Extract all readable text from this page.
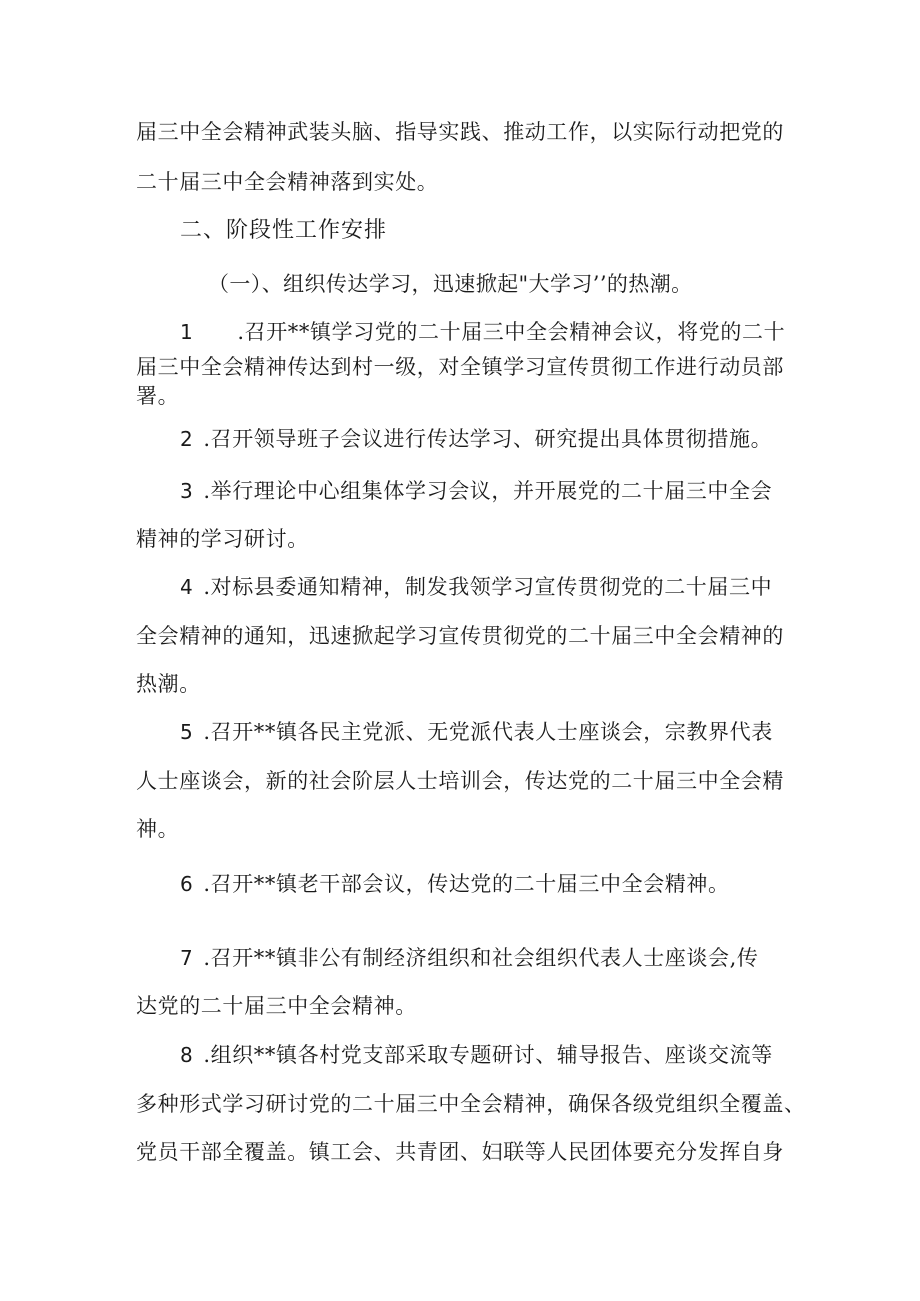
届三中全会精神武装头脑、指导实践、推动工作，以实际行动把党的
二十届三中全会精神落到实处。
二、阶段性工作安排
（一）、组织传达学习，迅速掀起"大学习’’的热潮。
1 .召开**镇学习党的二十届三中全会精神会议，将党的二十
届三中全会精神传达到村一级，对全镇学习宣传贯彻工作进行动员部
署。
2 .召开领导班子会议进行传达学习、研究提出具体贯彻措施。
3 .举行理论中心组集体学习会议，并开展党的二十届三中全会
精神的学习研讨。
4 .对标县委通知精神，制发我领学习宣传贯彻党的二十届三中
全会精神的通知，迅速掀起学习宣传贯彻党的二十届三中全会精神的
热潮。
5 .召开**镇各民主党派、无党派代表人士座谈会，宗教界代表
人士座谈会，新的社会阶层人士培训会，传达党的二十届三中全会精
神。
6 .召开**镇老干部会议，传达党的二十届三中全会精神。
7 .召开**镇非公有制经济组织和社会组织代表人士座谈会,传
达党的二十届三中全会精神。
8 .组织**镇各村党支部采取专题研讨、辅导报告、座谈交流等
多种形式学习研讨党的二十届三中全会精神，确保各级党组织全覆盖、
党员干部全覆盖。镇工会、共青团、妇联等人民团体要充分发挥自身
